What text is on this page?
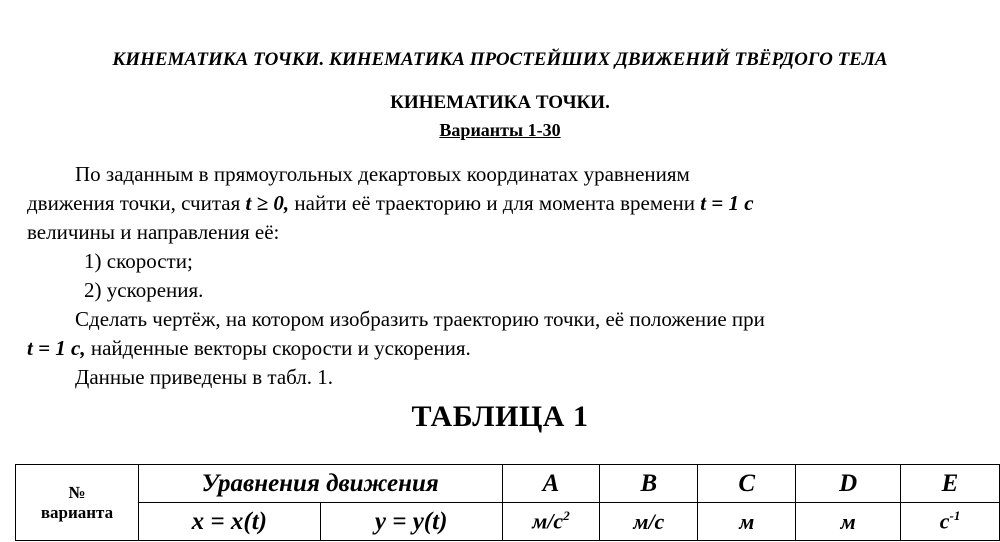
КИНЕМАТИКА ТОЧКИ. КИНЕМАТИКА ПРОСТЕЙШИХ ДВИЖЕНИЙ ТВЁРДОГО ТЕЛА
КИНЕМАТИКА ТОЧКИ.
Варианты 1-30
По заданным в прямоугольных декартовых координатах уравнениям
движения точки, считая t ≥ 0, найти её траекторию и для момента времени t = 1 c
величины и направления её:
1) скорости;
2) ускорения.
Сделать чертёж, на котором изобразить траекторию точки, её положение при
t = 1 c, найденные векторы скорости и ускорения.
Данные приведены в табл. 1.
ТАБЛИЦА 1
№
варианта	Уравнения движения		A	B	C	D	E
	x = x(t)	y = y(t)	$м/с^2$	м/с	м	м	$с^{-1}$
